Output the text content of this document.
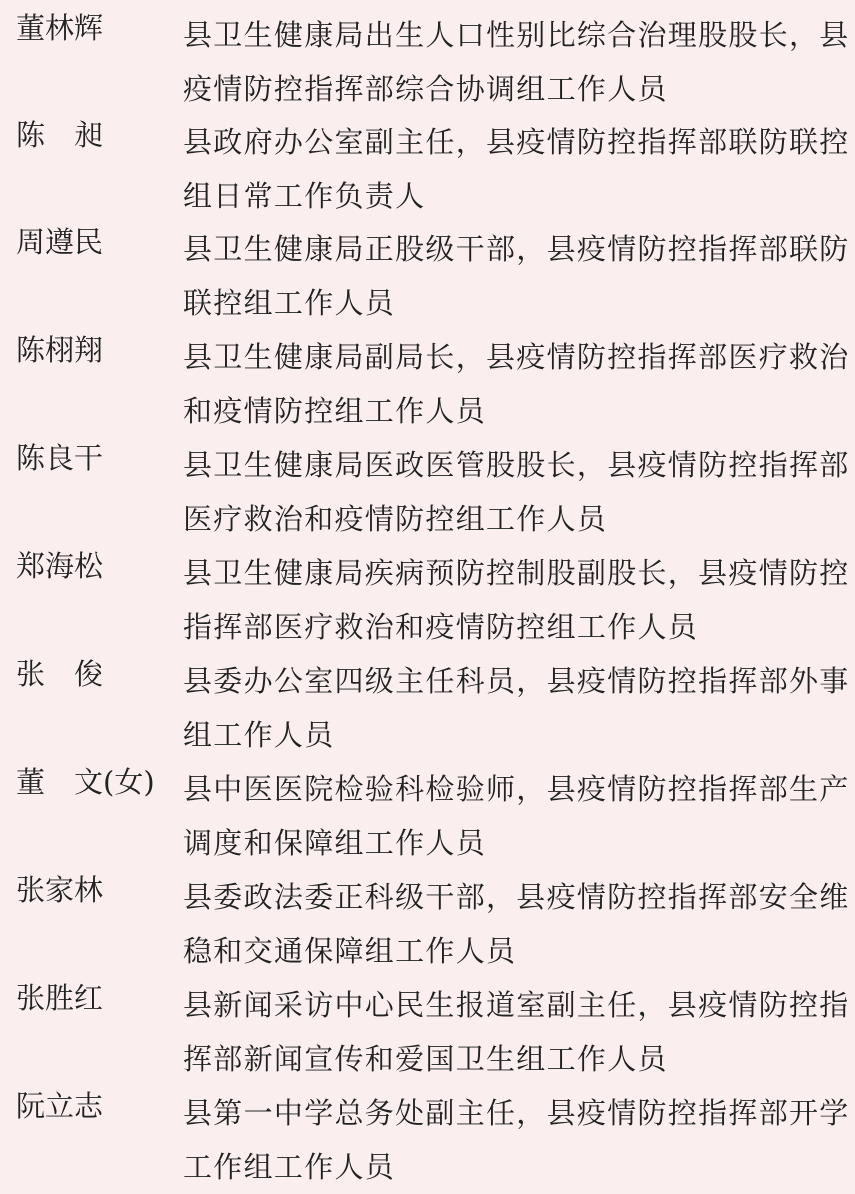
董林辉	县卫生健康局出生人口性别比综合治理股股长，县
疫情防控指挥部综合协调组工作人员
陈　昶	县政府办公室副主任，县疫情防控指挥部联防联控
组日常工作负责人
周遵民	县卫生健康局正股级干部，县疫情防控指挥部联防
联控组工作人员
陈栩翔	县卫生健康局副局长，县疫情防控指挥部医疗救治
和疫情防控组工作人员
陈良干	县卫生健康局医政医管股股长，县疫情防控指挥部
医疗救治和疫情防控组工作人员
郑海松	县卫生健康局疾病预防控制股副股长，县疫情防控
指挥部医疗救治和疫情防控组工作人员
张　俊	县委办公室四级主任科员，县疫情防控指挥部外事
组工作人员
董　文(女) 县中医医院检验科检验师，县疫情防控指挥部生产
调度和保障组工作人员
张家林	县委政法委正科级干部，县疫情防控指挥部安全维
稳和交通保障组工作人员
张胜红	县新闻采访中心民生报道室副主任，县疫情防控指
挥部新闻宣传和爱国卫生组工作人员
阮立志	县第一中学总务处副主任，县疫情防控指挥部开学
工作组工作人员
